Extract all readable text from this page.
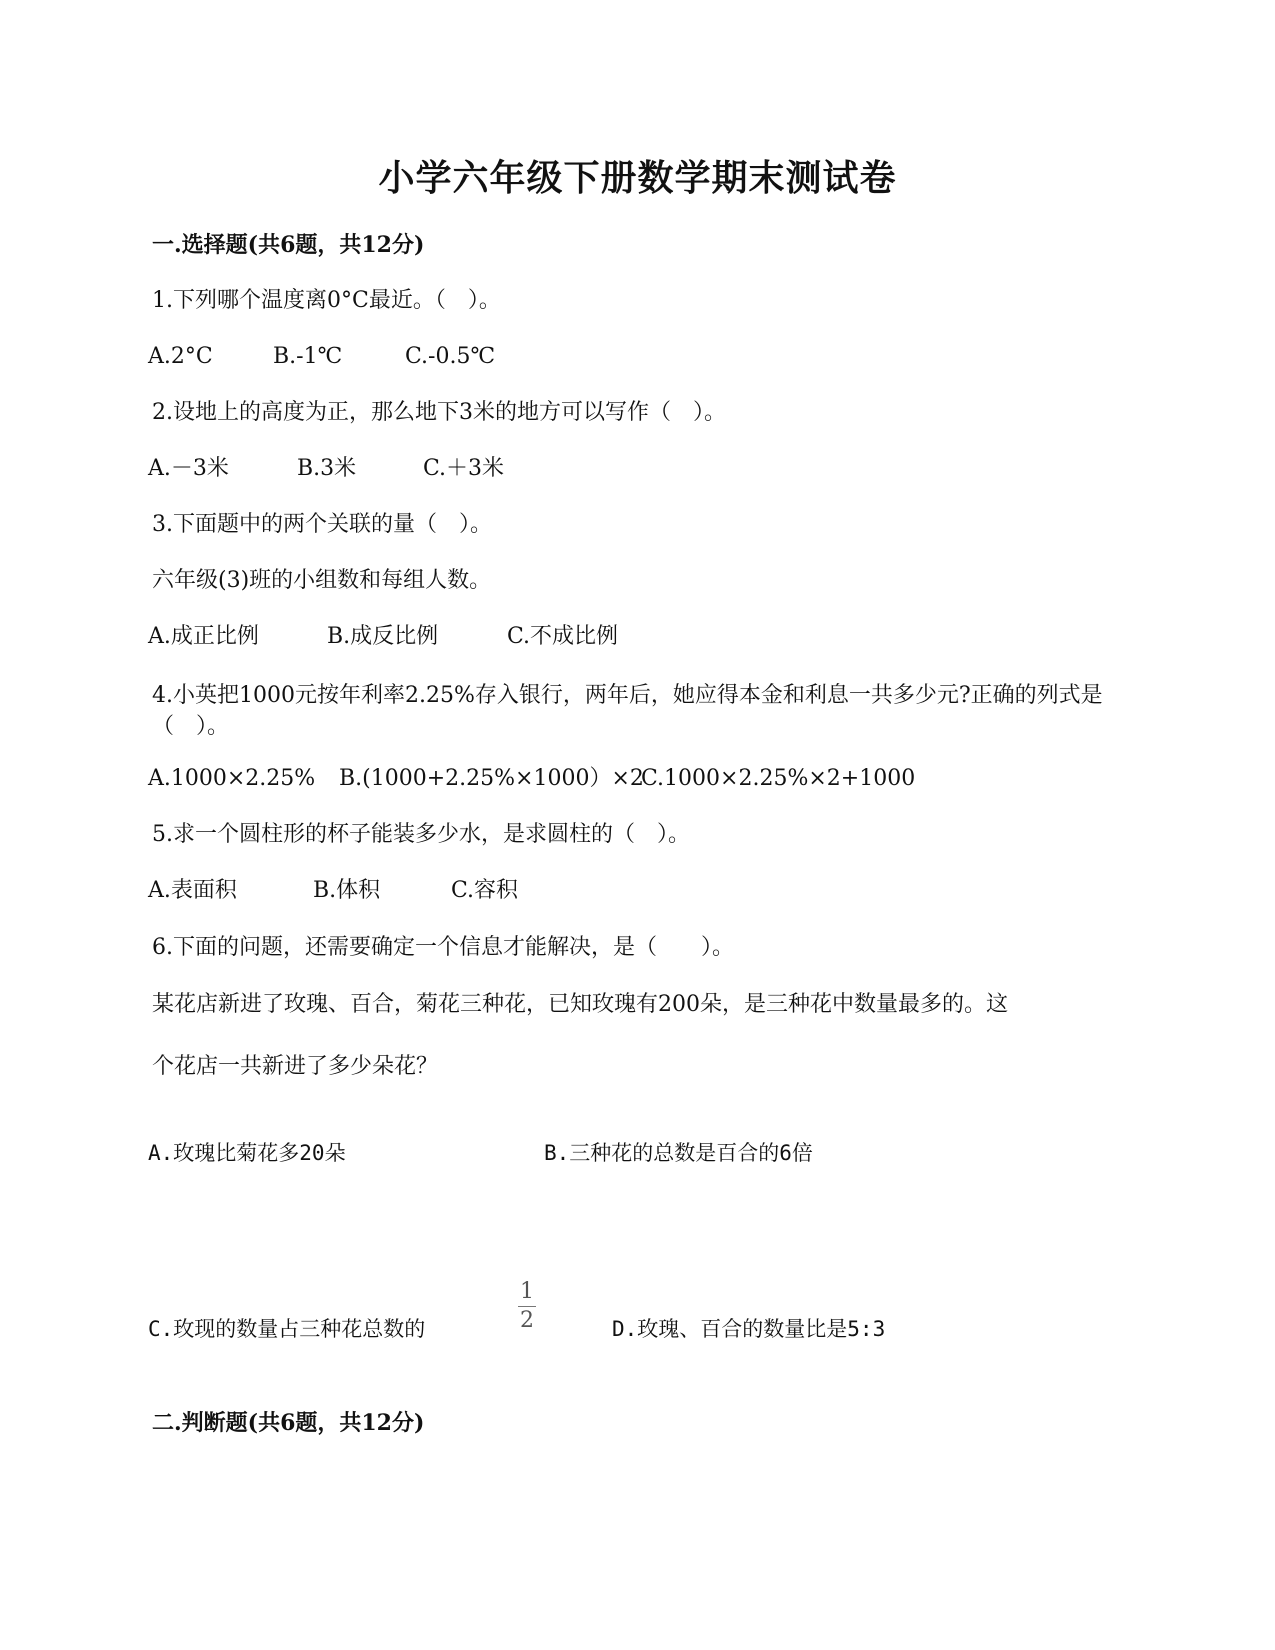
小学六年级下册数学期末测试卷
一.选择题(共6题，共12分)
1.下列哪个温度离0°C最近。（　）。
A.2°C	B.-1℃	C.-0.5℃
2.设地上的高度为正，那么地下3米的地方可以写作（　）。
A.－3米	B.3米	C.＋3米
3.下面题中的两个关联的量（　）。
六年级(3)班的小组数和每组人数。
A.成正比例	B.成反比例	C.不成比例
4.小英把1000元按年利率2.25%存入银行，两年后，她应得本金和利息一共多少元?正确的列式是（　）。
A.1000×2.25% B.(1000+2.25%×1000）×2
C.1000×2.25%×2+1000
5.求一个圆柱形的杯子能装多少水，是求圆柱的（　）。
A.表面积	B.体积	C.容积
6.下面的问题，还需要确定一个信息才能解决，是（　　）。
某花店新进了玫瑰、百合，菊花三种花，已知玫瑰有200朵，是三种花中数量最多的。这
个花店一共新进了多少朵花？
A.玫瑰比菊花多20朵	B.三种花的总数是百合的6倍
1
2
C.玫现的数量占三种花总数的	D.玫瑰、百合的数量比是5:3
二.判断题(共6题，共12分)
